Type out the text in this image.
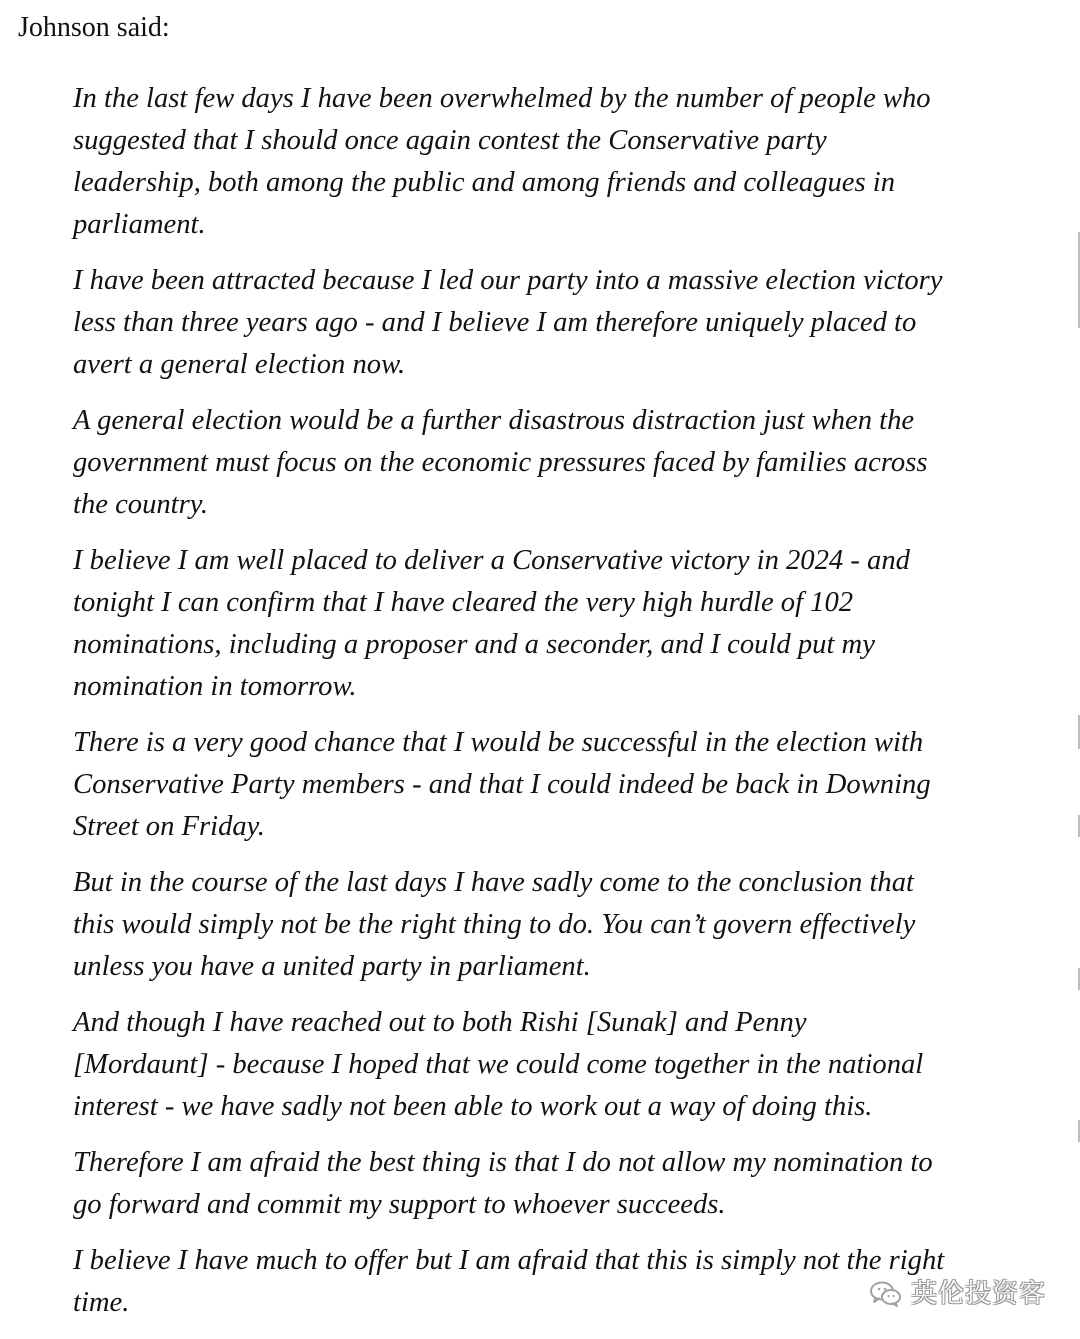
Johnson said:

In the last few days I have been overwhelmed by the number of people who
suggested that I should once again contest the Conservative party
leadership, both among the public and among friends and colleagues in
parliament.

I have been attracted because I led our party into a massive election victory
less than three years ago - and I believe I am therefore uniquely placed to
avert a general election now.

A general election would be a further disastrous distraction just when the
government must focus on the economic pressures faced by families across
the country.

I believe I am well placed to deliver a Conservative victory in 2024 - and
tonight I can confirm that I have cleared the very high hurdle of 102
nominations, including a proposer and a seconder, and I could put my
nomination in tomorrow.

There is a very good chance that I would be successful in the election with
Conservative Party members - and that I could indeed be back in Downing
Street on Friday.

But in the course of the last days I have sadly come to the conclusion that
this would simply not be the right thing to do. You can’t govern effectively
unless you have a united party in parliament.

And though I have reached out to both Rishi [Sunak] and Penny
[Mordaunt] - because I hoped that we could come together in the national
interest - we have sadly not been able to work out a way of doing this.

Therefore I am afraid the best thing is that I do not allow my nomination to
go forward and commit my support to whoever succeeds.

I believe I have much to offer but I am afraid that this is simply not the right
time.	英伦投资客
